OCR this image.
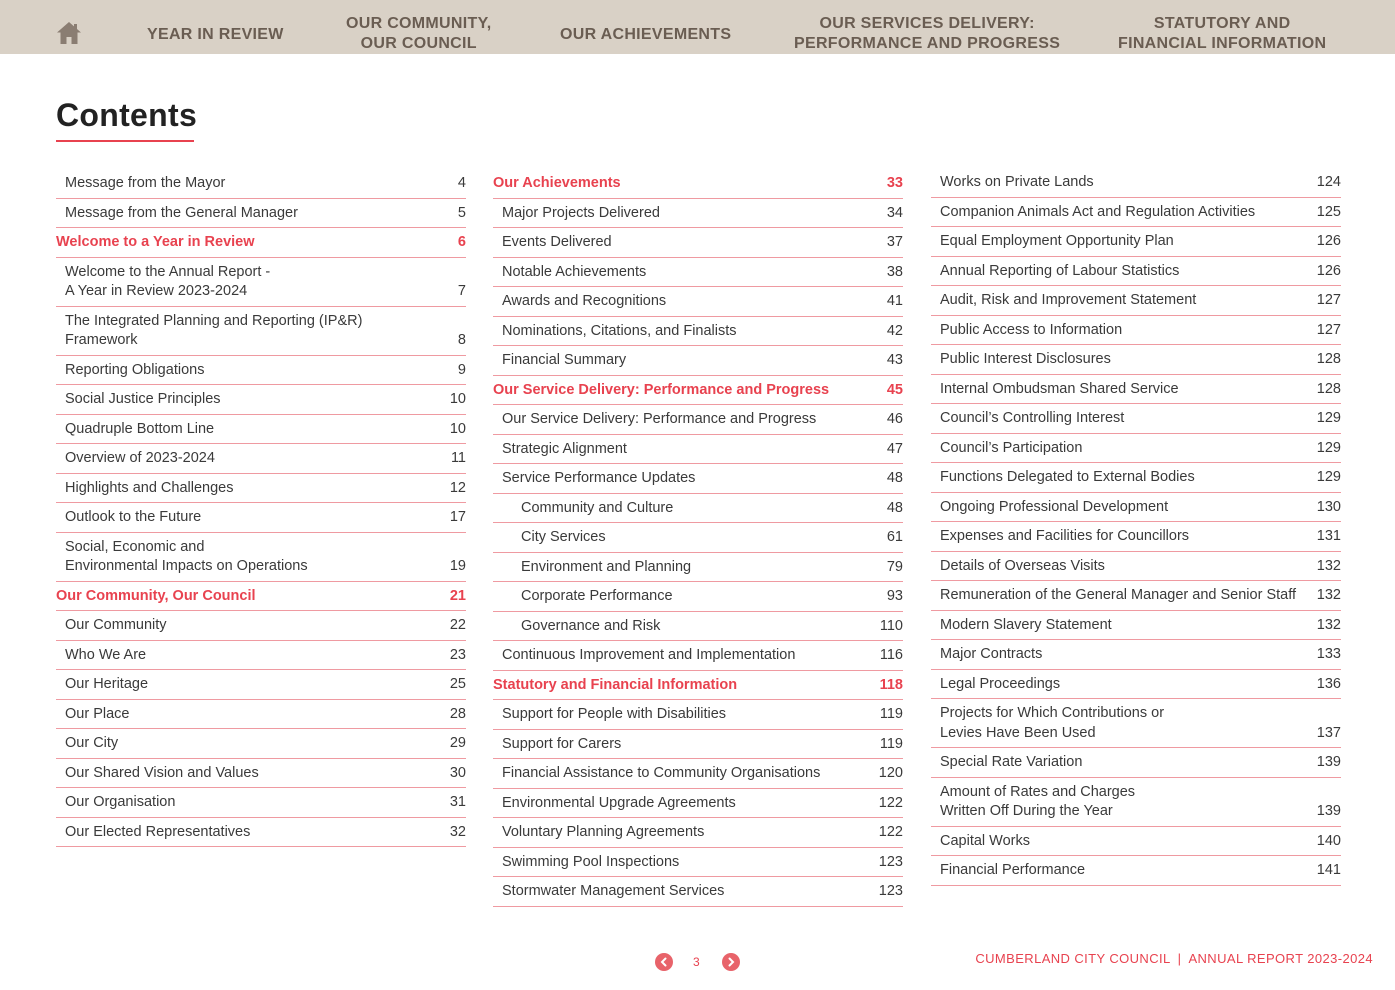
YEAR IN REVIEW
OUR COMMUNITY,
OUR COUNCIL
OUR ACHIEVEMENTS
OUR SERVICES DELIVERY:
PERFORMANCE AND PROGRESS
STATUTORY AND
FINANCIAL INFORMATION
Contents
Message from the Mayor	4
Message from the General Manager	5
Welcome to a Year in Review	6
Welcome to the Annual Report -
A Year in Review 2023-2024	7
The Integrated Planning and Reporting (IP&R) Framework	8
Reporting Obligations	9
Social Justice Principles	10
Quadruple Bottom Line	10
Overview of 2023-2024	11
Highlights and Challenges	12
Outlook to the Future	17
Social, Economic and
Environmental Impacts on Operations	19
Our Community, Our Council	21
Our Community	22
Who We Are	23
Our Heritage	25
Our Place	28
Our City	29
Our Shared Vision and Values	30
Our Organisation	31
Our Elected Representatives	32
Our Achievements	33
Major Projects Delivered	34
Events Delivered	37
Notable Achievements	38
Awards and Recognitions	41
Nominations, Citations, and Finalists	42
Financial Summary	43
Our Service Delivery: Performance and Progress	45
Our Service Delivery: Performance and Progress	46
Strategic Alignment	47
Service Performance Updates	48
Community and Culture	48
City Services	61
Environment and Planning	79
Corporate Performance	93
Governance and Risk	110
Continuous Improvement and Implementation	116
Statutory and Financial Information	118
Support for People with Disabilities	119
Support for Carers	119
Financial Assistance to Community Organisations	120
Environmental Upgrade Agreements	122
Voluntary Planning Agreements	122
Swimming Pool Inspections	123
Stormwater Management Services	123
Works on Private Lands	124
Companion Animals Act and Regulation Activities	125
Equal Employment Opportunity Plan	126
Annual Reporting of Labour Statistics	126
Audit, Risk and Improvement Statement	127
Public Access to Information	127
Public Interest Disclosures	128
Internal Ombudsman Shared Service	128
Council’s Controlling Interest	129
Council’s Participation	129
Functions Delegated to External Bodies	129
Ongoing Professional Development	130
Expenses and Facilities for Councillors	131
Details of Overseas Visits	132
Remuneration of the General Manager and Senior Staff	132
Modern Slavery Statement	132
Major Contracts	133
Legal Proceedings	136
Projects for Which Contributions or
Levies Have Been Used	137
Special Rate Variation	139
Amount of Rates and Charges
Written Off During the Year	139
Capital Works	140
Financial Performance	141
3	CUMBERLAND CITY COUNCIL | ANNUAL REPORT 2023-2024
